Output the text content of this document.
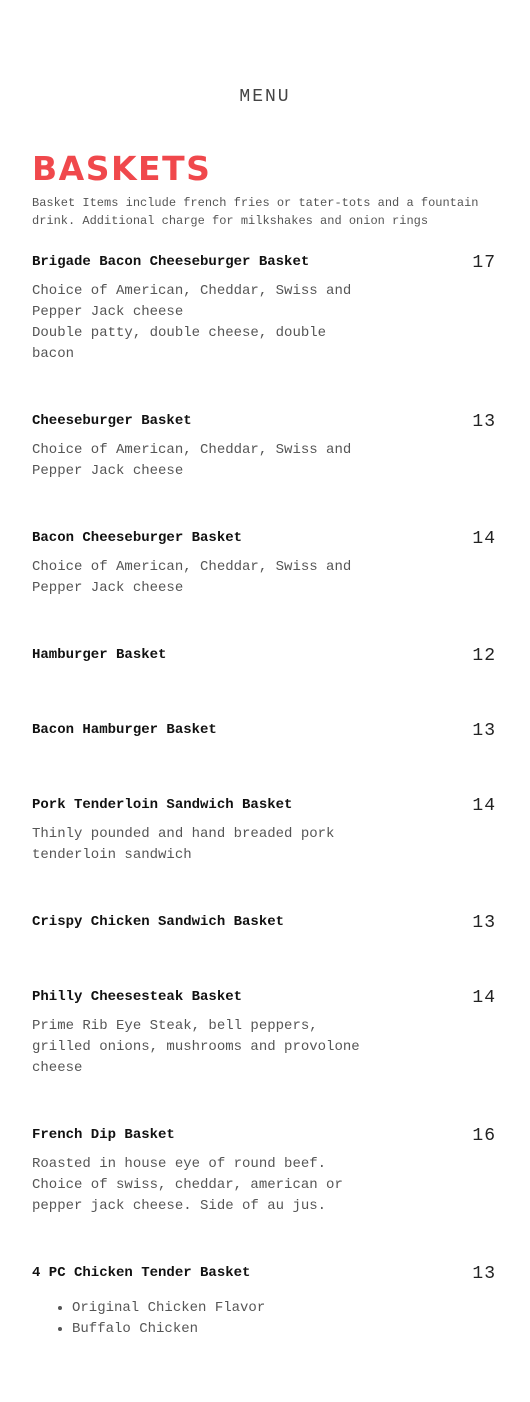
MENU
BASKETS
Basket Items include french fries or tater-tots and a fountain drink. Additional charge for milkshakes and onion rings
Brigade Bacon Cheeseburger Basket	17

Choice of American, Cheddar, Swiss and Pepper Jack cheese

Double patty, double cheese, double bacon

Cheeseburger Basket	13

Choice of American, Cheddar, Swiss and Pepper Jack cheese

Bacon Cheeseburger Basket	14

Choice of American, Cheddar, Swiss and Pepper Jack cheese

Hamburger Basket	12
Bacon Hamburger Basket	13
Pork Tenderloin Sandwich Basket	14

Thinly pounded and hand breaded pork tenderloin sandwich

Crispy Chicken Sandwich Basket	13
Philly Cheesesteak Basket	14

Prime Rib Eye Steak, bell peppers, grilled onions, mushrooms and provolone cheese

French Dip Basket	16

Roasted in house eye of round beef. Choice of swiss, cheddar, american or pepper jack cheese. Side of au jus.

4 PC Chicken Tender Basket	13
• Original Chicken Flavor
• Buffalo Chicken
